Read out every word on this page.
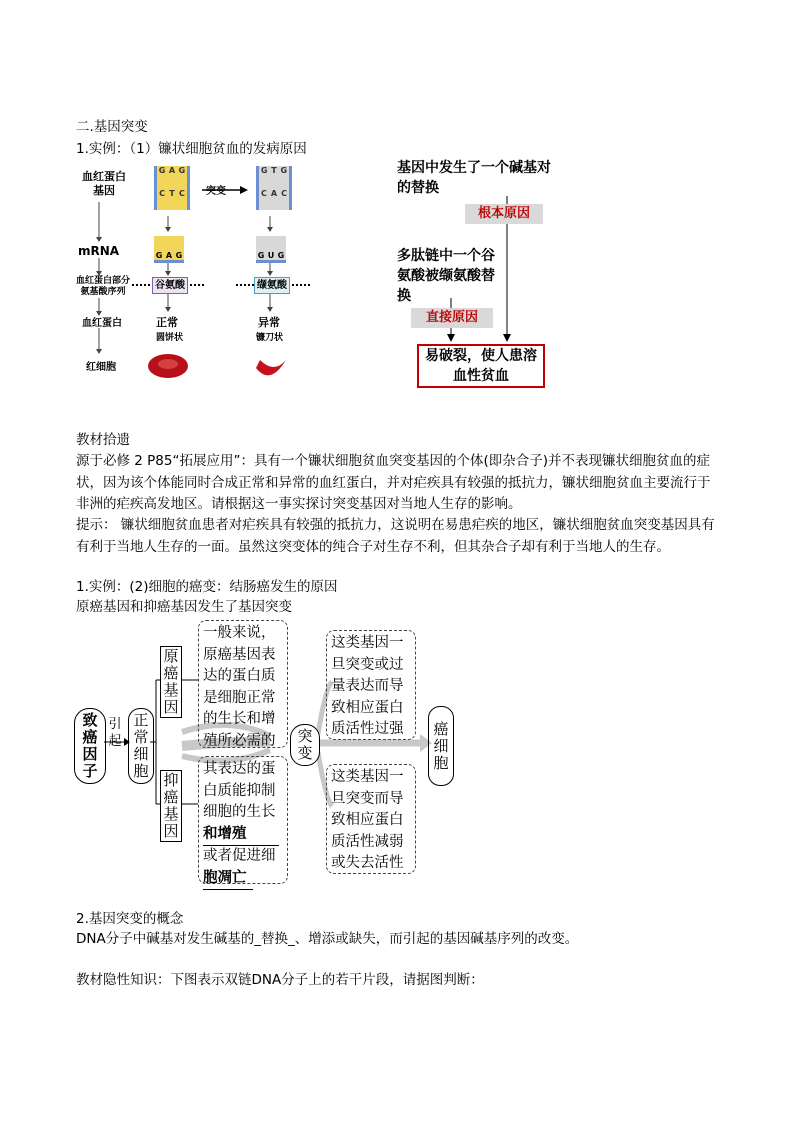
二.基因突变
1.实例：（1）镰状细胞贫血的发病原因
血红蛋白基因	突变
G A G
C T C
G T G
C A C
mRNA	G A G	G U G
血红蛋白部分氨基酸序列
谷氨酸	缬氨酸
血红蛋白	正常	异常
圆饼状	镰刀状
红细胞
基因中发生了一个碱基对的替换
根本原因
多肽链中一个谷氨酸被缬氨酸替换
直接原因
易破裂，使人患溶血性贫血
教材拾遗
源于必修 2 P85“拓展应用”：具有一个镰状细胞贫血突变基因的个体(即杂合子)并不表现镰状细胞贫血的症状，因为该个体能同时合成正常和异常的血红蛋白，并对疟疾具有较强的抵抗力，镰状细胞贫血主要流行于非洲的疟疾高发地区。请根据这一事实探讨突变基因对当地人生存的影响。
提示： 镰状细胞贫血患者对疟疾具有较强的抵抗力，这说明在易患疟疾的地区，镰状细胞贫血突变基因具有有利于当地人生存的一面。虽然这突变体的纯合子对生存不利，但其杂合子却有利于当地人的生存。
1.实例：(2)细胞的癌变：结肠癌发生的原因
原癌基因和抑癌基因发生了基因突变
致癌因子
引起
正常细胞
原癌基因
抑癌基因
一般来说，
原癌基因表
达的蛋白质
是细胞正常
的生长和增
殖所必需的
其表达的蛋
白质能抑制
细胞的生长
和增殖
或者促进细
胞凋亡
突变
这类基因一
旦突变或过
量表达而导
致相应蛋白
质活性过强
这类基因一
旦突变而导
致相应蛋白
质活性减弱
或失去活性
癌细胞
2.基因突变的概念
DNA分子中碱基对发生碱基的_替换_、增添或缺失，而引起的基因碱基序列的改变。
教材隐性知识：下图表示双链DNA分子上的若干片段，请据图判断：
